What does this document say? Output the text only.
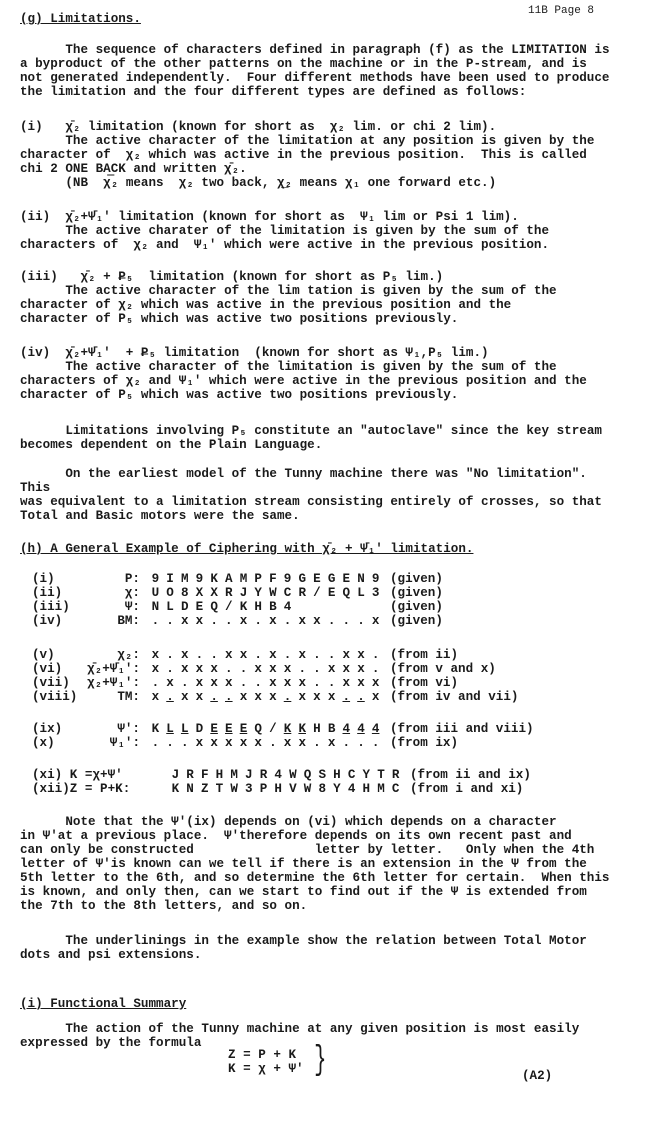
11B Page 8
(g) Limitations.
The sequence of characters defined in paragraph (f) as the LIMITATION is
a byproduct of the other patterns on the machine or in the P-stream, and is
not generated independently.  Four different methods have been used to produce
the limitation and the four different types are defined as follows:
(i)   χ̄₂ limitation (known for short as  χ₂ lim. or chi 2 lim).
The active character of the limitation at any position is given by the
character of  χ₂ which was active in the previous position.  This is called
chi 2 ONE BACK and written χ̄₂.
(NB  χ̿₂ means  χ₂ two back, χ̲₂ means χ₁ one forward etc.)
(ii)  χ̄₂+Ψ̄₁′ limitation (known for short as  Ψ₁ lim or Psi 1 lim).
The active charater of the limitation is given by the sum of the
characters of  χ₂ and  Ψ₁′ which were active in the previous position.
(iii)   χ̄₂ + P̿₅  limitation (known for short as P₅ lim.)
The active character of the lim tation is given by the sum of the
character of χ₂ which was active in the previous position and the
character of P₅ which was active two positions previously.
(iv)  χ̄₂+Ψ̄₁′  + P̿₅ limitation  (known for short as Ψ₁,P₅ lim.)
The active character of the limitation is given by the sum of the
characters of χ₂ and Ψ₁′ which were active in the previous position and the
character of P₅ which was active two positions previously.
Limitations involving P₅ constitute an "autoclave" since the key stream
becomes dependent on the Plain Language.
On the earliest model of the Tunny machine there was "No limitation".  This
was equivalent to a limitation stream consisting entirely of crosses, so that
Total and Basic motors were the same.
(h) A General Example of Ciphering with χ̄₂ + Ψ̄₁′ limitation.
(i)	P: 9 I M 9 K A M P F 9 G E G E N 9 (given)
(ii)	χ: U O 8 X X R J Y W C R / E Q L 3 (given)
(iii)	Ψ: N L D E Q / K H B 4	(given)
(iv)	BM: . . x x . . x . x . x x . . . x (given)
(v)	χ₂: x . x . . x x . x . x . . x x . (from ii)
(vi)	χ̄₂+Ψ̄₁′: x . x x x . . x x x . . x x x . (from v and x)
(vii)	χ₂+Ψ₁′: . x . x x x . . x x x . . x x x (from vi)
(viii)	TM: x . x x . . x x x . x x x . . x (from iv and vii)
(ix)	Ψ′: K L L D E E E Q / K K H B 4 4 4 (from iii and viii)
(x)	Ψ₁′: . . . x x x x x . x x . x . . . (from ix)
(xi) K =χ+Ψ′	J R F H M J R 4 W Q S H C Y T R (from ii and ix)
(xii)Z = P+K:	K N Z T W 3 P H V W 8 Y 4 H M C (from i and xi)
Note that the Ψ′(ix) depends on (vi) which depends on a character
in Ψ′at a previous place.  Ψ′therefore depends on its own recent past and
can only be constructed                letter by letter.   Only when the 4th
letter of Ψ′is known can we tell if there is an extension in the Ψ from the
5th letter to the 6th, and so determine the 6th letter for certain.  When this
is known, and only then, can we start to find out if the Ψ is extended from
the 7th to the 8th letters, and so on.
The underlinings in the example show the relation between Total Motor
dots and psi extensions.
(i) Functional Summary
The action of the Tunny machine at any given position is most easily
expressed by the formula
Z = P + K
K = χ + Ψ′ }	(A2)
